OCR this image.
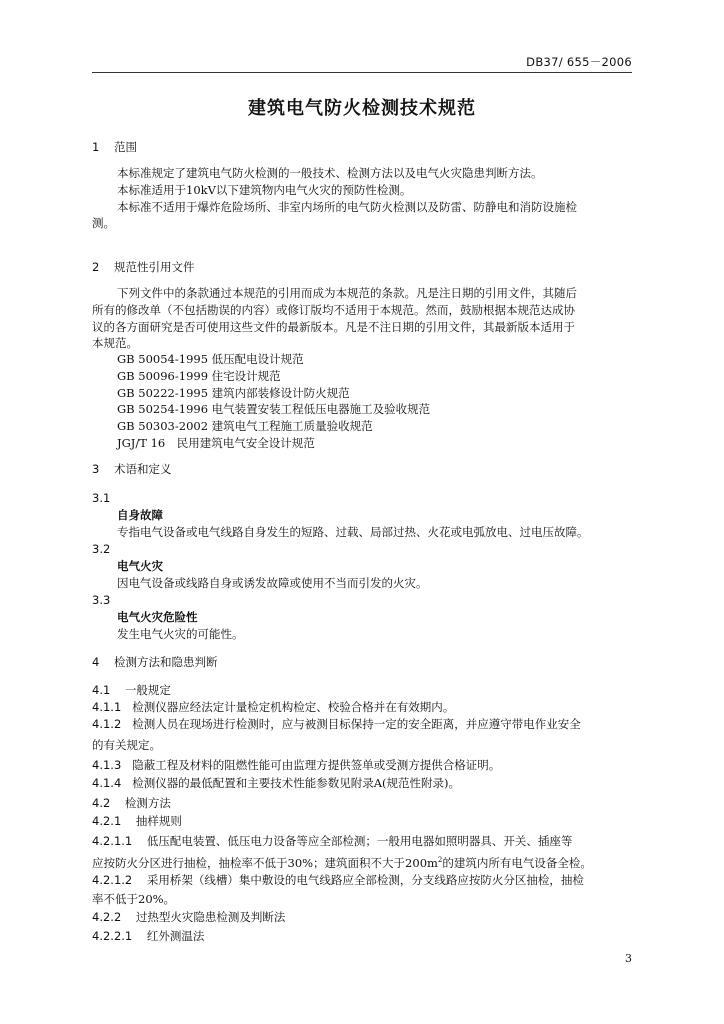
DB37/ 655－2006
建筑电气防火检测技术规范
1 范围
本标准规定了建筑电气防火检测的一般技术、检测方法以及电气火灾隐患判断方法。
本标准适用于10kV以下建筑物内电气火灾的预防性检测。
本标准不适用于爆炸危险场所、非室内场所的电气防火检测以及防雷、防静电和消防设施检
测。
2 规范性引用文件
下列文件中的条款通过本规范的引用而成为本规范的条款。凡是注日期的引用文件，其随后
所有的修改单（不包括勘误的内容）或修订版均不适用于本规范。然而，鼓励根据本规范达成协
议的各方面研究是否可使用这些文件的最新版本。凡是不注日期的引用文件，其最新版本适用于
本规范。
GB 50054-1995 低压配电设计规范
GB 50096-1999 住宅设计规范
GB 50222-1995 建筑内部装修设计防火规范
GB 50254-1996 电气装置安装工程低压电器施工及验收规范
GB 50303-2002 建筑电气工程施工质量验收规范
JGJ/T 16　民用建筑电气安全设计规范
3 术语和定义
3.1
自身故障
专指电气设备或电气线路自身发生的短路、过载、局部过热、火花或电弧放电、过电压故障。
3.2
电气火灾
因电气设备或线路自身或诱发故障或使用不当而引发的火灾。
3.3
电气火灾危险性
发生电气火灾的可能性。
4 检测方法和隐患判断
4.1 一般规定
4.1.1 检测仪器应经法定计量检定机构检定、校验合格并在有效期内。
4.1.2 检测人员在现场进行检测时，应与被测目标保持一定的安全距离，并应遵守带电作业安全
的有关规定。
4.1.3 隐蔽工程及材料的阻燃性能可由监理方提供签单或受测方提供合格证明。
4.1.4 检测仪器的最低配置和主要技术性能参数见附录A(规范性附录)。
4.2 检测方法
4.2.1 抽样规则
4.2.1.1 低压配电装置、低压电力设备等应全部检测；一般用电器如照明器具、开关、插座等
应按防火分区进行抽检，抽检率不低于30%；建筑面积不大于$200m^2$的建筑内所有电气设备全检。
4.2.1.2 采用桥架（线槽）集中敷设的电气线路应全部检测，分支线路应按防火分区抽检，抽检
率不低于20%。
4.2.2 过热型火灾隐患检测及判断法
4.2.2.1 红外测温法
3
